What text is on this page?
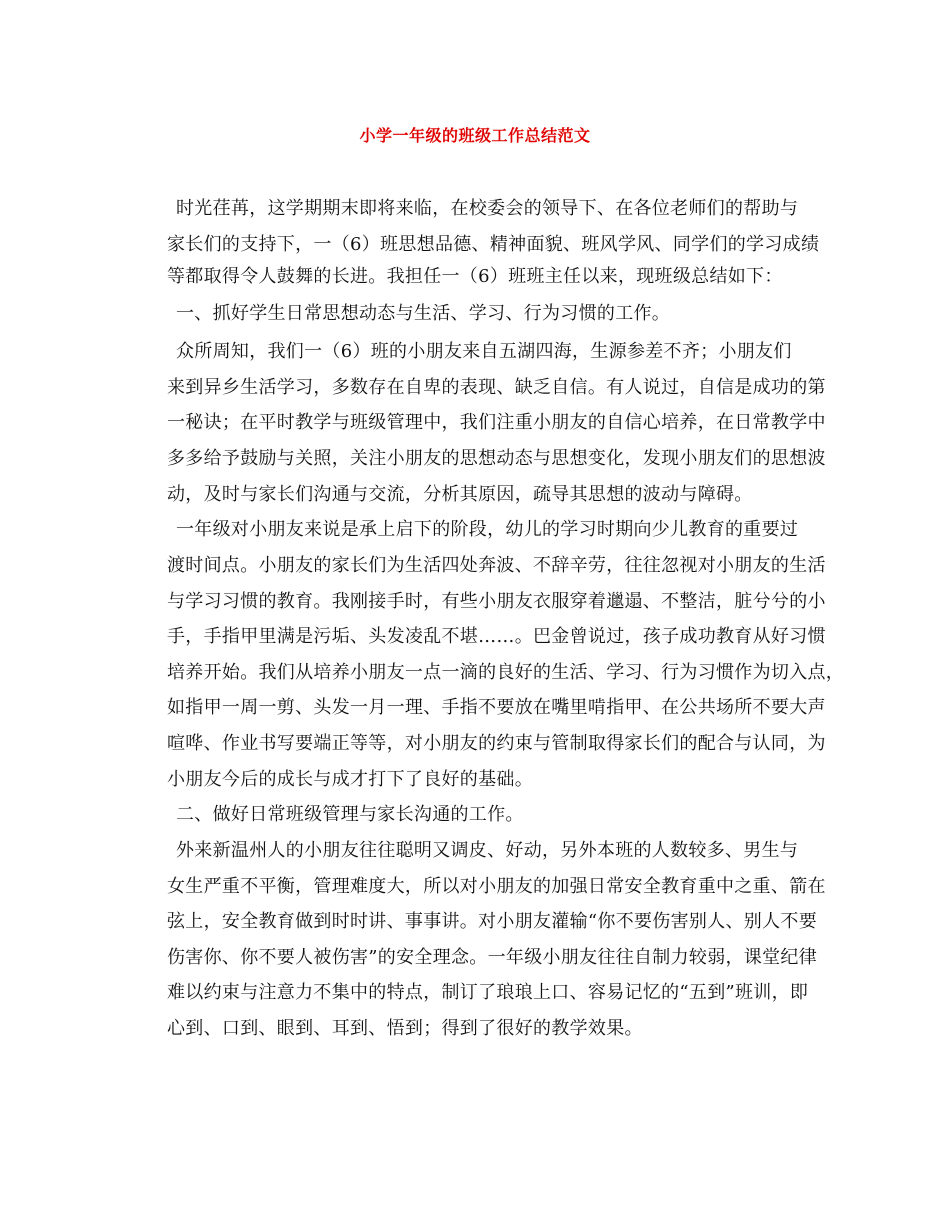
小学一年级的班级工作总结范文
时光荏苒，这学期期末即将来临，在校委会的领导下、在各位老师们的帮助与
家长们的支持下，一（6）班思想品德、精神面貌、班风学风、同学们的学习成绩
等都取得令人鼓舞的长进。我担任一（6）班班主任以来，现班级总结如下：
一、抓好学生日常思想动态与生活、学习、行为习惯的工作。
众所周知，我们一（6）班的小朋友来自五湖四海，生源参差不齐；小朋友们
来到异乡生活学习，多数存在自卑的表现、缺乏自信。有人说过，自信是成功的第
一秘诀；在平时教学与班级管理中，我们注重小朋友的自信心培养，在日常教学中
多多给予鼓励与关照，关注小朋友的思想动态与思想变化，发现小朋友们的思想波
动，及时与家长们沟通与交流，分析其原因，疏导其思想的波动与障碍。
一年级对小朋友来说是承上启下的阶段，幼儿的学习时期向少儿教育的重要过
渡时间点。小朋友的家长们为生活四处奔波、不辞辛劳，往往忽视对小朋友的生活
与学习习惯的教育。我刚接手时，有些小朋友衣服穿着邋遢、不整洁，脏兮兮的小
手，手指甲里满是污垢、头发凌乱不堪……。巴金曾说过，孩子成功教育从好习惯
培养开始。我们从培养小朋友一点一滴的良好的生活、学习、行为习惯作为切入点，
如指甲一周一剪、头发一月一理、手指不要放在嘴里啃指甲、在公共场所不要大声
喧哗、作业书写要端正等等，对小朋友的约束与管制取得家长们的配合与认同，为
小朋友今后的成长与成才打下了良好的基础。
二、做好日常班级管理与家长沟通的工作。
外来新温州人的小朋友往往聪明又调皮、好动，另外本班的人数较多、男生与
女生严重不平衡，管理难度大，所以对小朋友的加强日常安全教育重中之重、箭在
弦上，安全教育做到时时讲、事事讲。对小朋友灌输“你不要伤害别人、别人不要
伤害你、你不要人被伤害”的安全理念。一年级小朋友往往自制力较弱，课堂纪律
难以约束与注意力不集中的特点，制订了琅琅上口、容易记忆的“五到”班训，即
心到、口到、眼到、耳到、悟到；得到了很好的教学效果。
